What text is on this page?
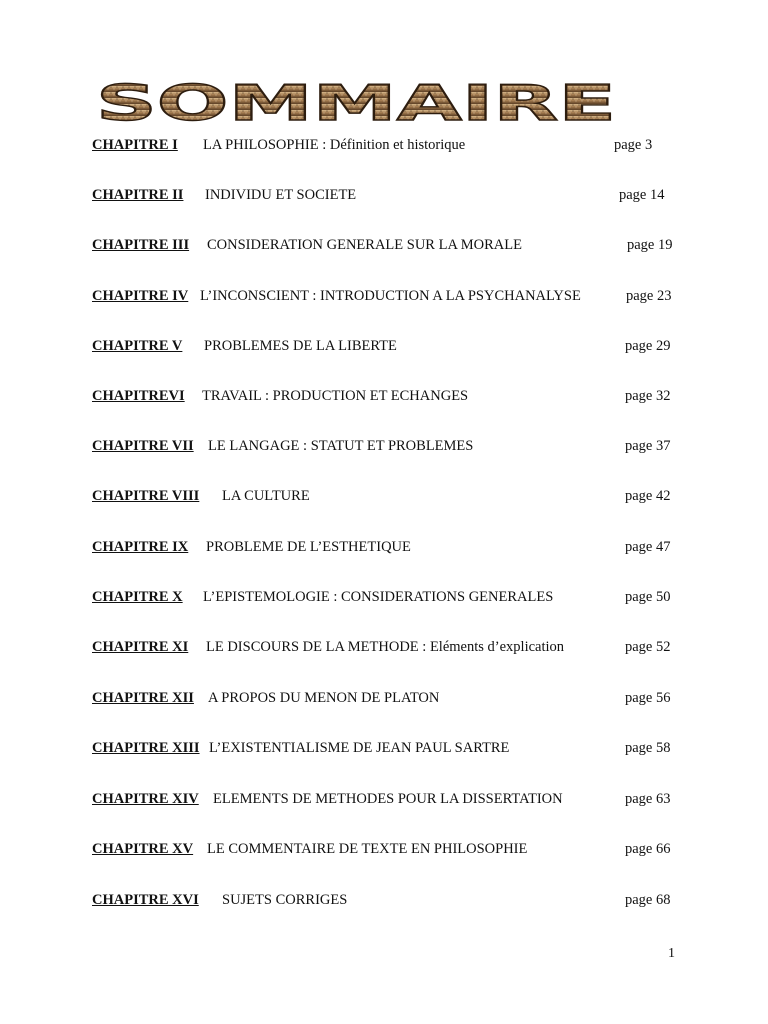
SOMMAIRE
CHAPITRE I LA PHILOSOPHIE : Définition et historique	page 3
CHAPITRE II INDIVIDU ET SOCIETE	page 14
CHAPITRE III CONSIDERATION GENERALE SUR LA MORALE	page 19
CHAPITRE IV L’INCONSCIENT : INTRODUCTION A LA PSYCHANALYSE	page 23
CHAPITRE V PROBLEMES DE LA LIBERTE	page 29
CHAPITREVI TRAVAIL : PRODUCTION ET ECHANGES	page 32
CHAPITRE VII LE LANGAGE : STATUT ET PROBLEMES	page 37
CHAPITRE VIII LA CULTURE	page 42
CHAPITRE IX PROBLEME DE L’ESTHETIQUE	page 47
CHAPITRE X L’EPISTEMOLOGIE : CONSIDERATIONS GENERALES	page 50
CHAPITRE XI LE DISCOURS DE LA METHODE : Eléments d’explication	page 52
CHAPITRE XII A PROPOS DU MENON DE PLATON	page 56
CHAPITRE XIII L’EXISTENTIALISME DE JEAN PAUL SARTRE	page 58
CHAPITRE XIV ELEMENTS DE METHODES POUR LA DISSERTATION	page 63
CHAPITRE XV LE COMMENTAIRE DE TEXTE EN PHILOSOPHIE	page 66
CHAPITRE XVI SUJETS CORRIGES	page 68
1
